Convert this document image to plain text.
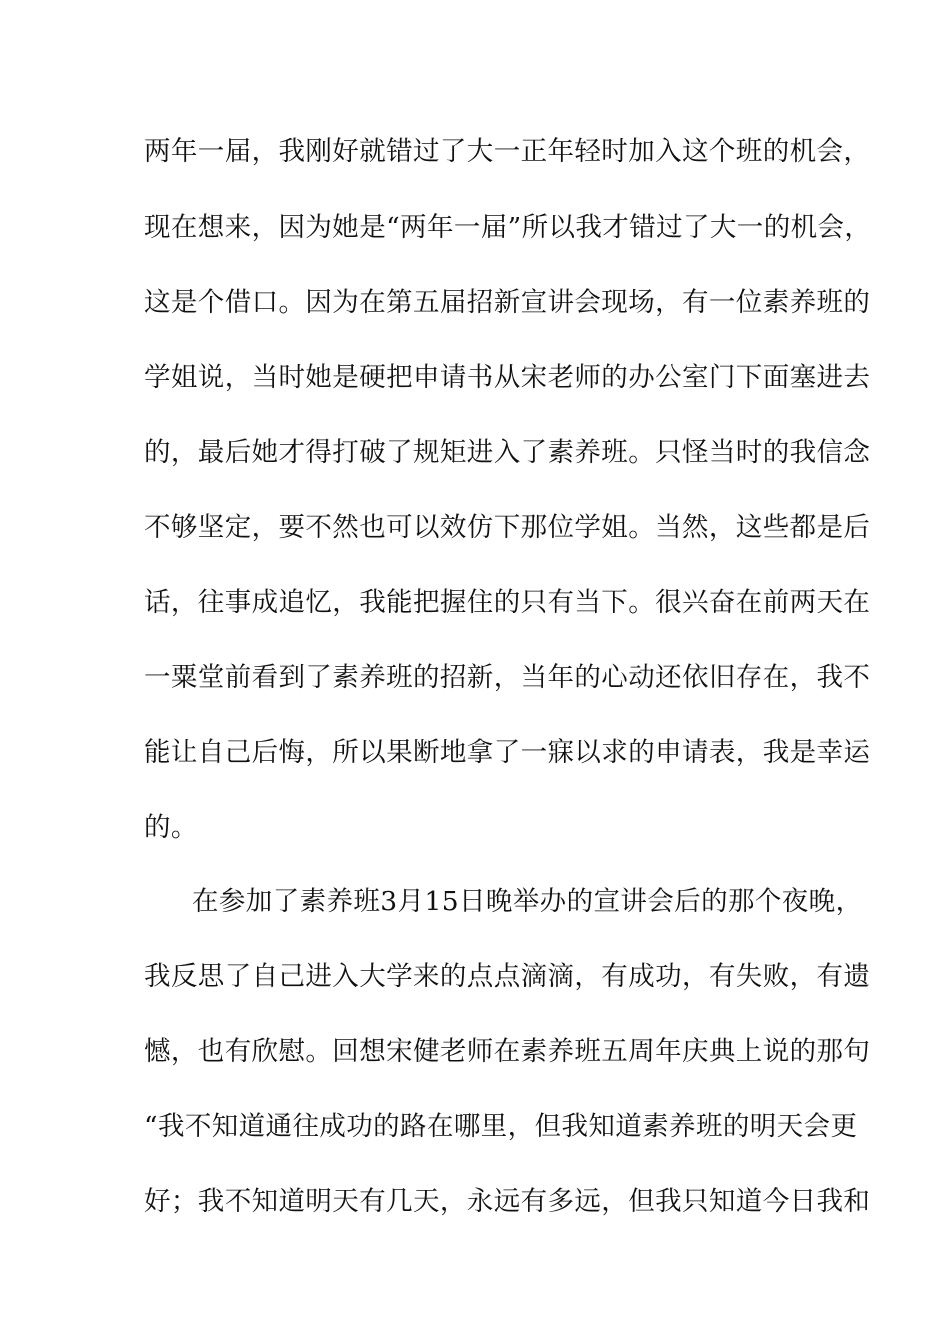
两年一届，我刚好就错过了大一正年轻时加入这个班的机会，

现在想来，因为她是“两年一届”所以我才错过了大一的机会，

这是个借口。因为在第五届招新宣讲会现场，有一位素养班的

学姐说，当时她是硬把申请书从宋老师的办公室门下面塞进去

的，最后她才得打破了规矩进入了素养班。只怪当时的我信念

不够坚定，要不然也可以效仿下那位学姐。当然，这些都是后

话，往事成追忆，我能把握住的只有当下。很兴奋在前两天在

一粟堂前看到了素养班的招新，当年的心动还依旧存在，我不

能让自己后悔，所以果断地拿了一寐以求的申请表，我是幸运

的。

在参加了素养班3月15日晚举办的宣讲会后的那个夜晚，

我反思了自己进入大学来的点点滴滴，有成功，有失败，有遗

憾，也有欣慰。回想宋健老师在素养班五周年庆典上说的那句

“我不知道通往成功的路在哪里，但我知道素养班的明天会更

好；我不知道明天有几天，永远有多远，但我只知道今日我和
